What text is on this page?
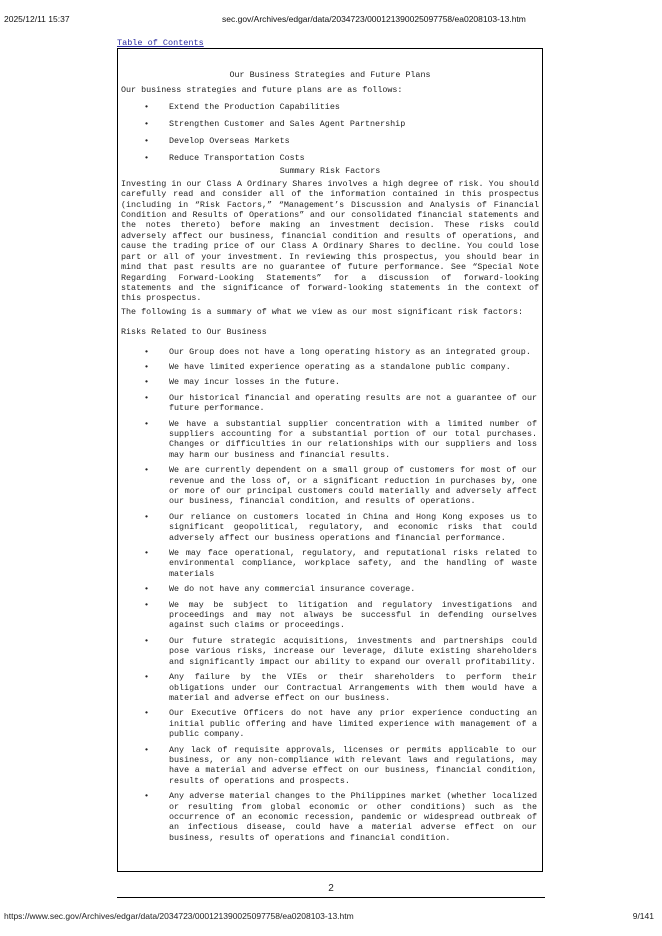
2025/12/11 15:37	sec.gov/Archives/edgar/data/2034723/000121390025097758/ea0208103-13.htm
Table of Contents
Our Business Strategies and Future Plans

Our business strategies and future plans are as follows:

• Extend the Production Capabilities
• Strengthen Customer and Sales Agent Partnership
• Develop Overseas Markets
• Reduce Transportation Costs
Summary Risk Factors

Investing in our Class A Ordinary Shares involves a high degree of risk. You should carefully read and consider all of the information contained in this prospectus (including in “Risk Factors,” “Management’s Discussion and Analysis of Financial Condition and Results of Operations” and our consolidated financial statements and the notes thereto) before making an investment decision. These risks could adversely affect our business, financial condition and results of operations, and cause the trading price of our Class A Ordinary Shares to decline. You could lose part or all of your investment. In reviewing this prospectus, you should bear in mind that past results are no guarantee of future performance. See “Special Note Regarding Forward-Looking Statements” for a discussion of forward-looking statements and the significance of forward-looking statements in the context of this prospectus.

The following is a summary of what we view as our most significant risk factors:

Risks Related to Our Business
• Our Group does not have a long operating history as an integrated group.
• We have limited experience operating as a standalone public company.
• We may incur losses in the future.
• Our historical financial and operating results are not a guarantee of our future performance.
• We have a substantial supplier concentration with a limited number of suppliers accounting for a substantial portion of our total purchases. Changes or difficulties in our relationships with our suppliers and loss may harm our business and financial results.
• We are currently dependent on a small group of customers for most of our revenue and the loss of, or a significant reduction in purchases by, one or more of our principal customers could materially and adversely affect our business, financial condition, and results of operations.
• Our reliance on customers located in China and Hong Kong exposes us to significant geopolitical, regulatory, and economic risks that could adversely affect our business operations and financial performance.
• We may face operational, regulatory, and reputational risks related to environmental compliance, workplace safety, and the handling of waste materials
• We do not have any commercial insurance coverage.
• We may be subject to litigation and regulatory investigations and proceedings and may not always be successful in defending ourselves against such claims or proceedings.
• Our future strategic acquisitions, investments and partnerships could pose various risks, increase our leverage, dilute existing shareholders and significantly impact our ability to expand our overall profitability.
• Any failure by the VIEs or their shareholders to perform their obligations under our Contractual Arrangements with them would have a material and adverse effect on our business.
• Our Executive Officers do not have any prior experience conducting an initial public offering and have limited experience with management of a public company.
• Any lack of requisite approvals, licenses or permits applicable to our business, or any non-compliance with relevant laws and regulations, may have a material and adverse effect on our business, financial condition, results of operations and prospects.
• Any adverse material changes to the Philippines market (whether localized or resulting from global economic or other conditions) such as the occurrence of an economic recession, pandemic or widespread outbreak of an infectious disease, could have a material adverse effect on our business, results of operations and financial condition.
2
https://www.sec.gov/Archives/edgar/data/2034723/000121390025097758/ea0208103-13.htm	9/141
